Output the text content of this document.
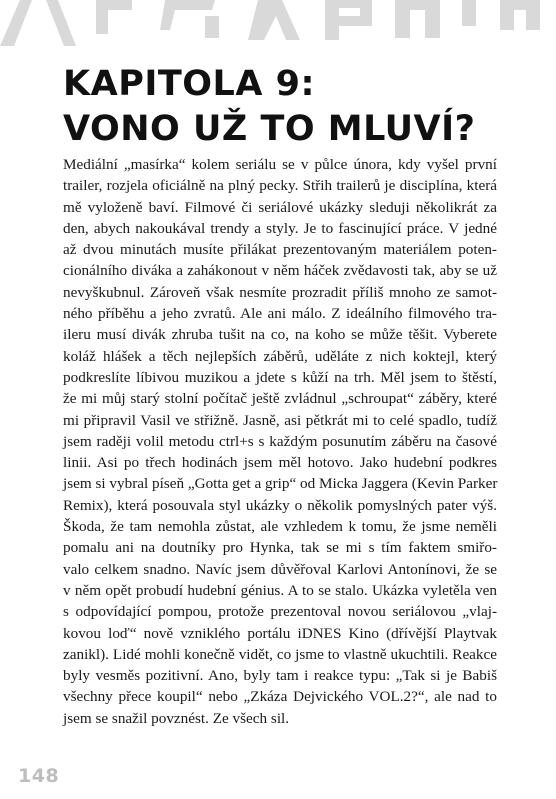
KAPITOLA 9:
VONO UŽ TO MLUVÍ?
Mediální „masírka“ kolem seriálu se v půlce února, kdy vyšel první
trailer, rozjela oficiálně na plný pecky. Střih trailerů je disciplína, která
mě vyloženě baví. Filmové či seriálové ukázky sleduji několikrát za
den, abych nakoukával trendy a styly. Je to fascinující práce. V jedné
až dvou minutách musíte přilákat prezentovaným materiálem poten-
cionálního diváka a zahákonout v něm háček zvědavosti tak, aby se už
nevyškubnul. Zároveň však nesmíte prozradit příliš mnoho ze samot-
ného příběhu a jeho zvratů. Ale ani málo. Z ideálního filmového tra-
ileru musí divák zhruba tušit na co, na koho se může těšit. Vyberete
koláž hlášek a těch nejlepších záběrů, uděláte z nich koktejl, který
podkreslíte líbivou muzikou a jdete s kůží na trh. Měl jsem to štěstí,
že mi můj starý stolní počítač ještě zvládnul „schroupat“ záběry, které
mi připravil Vasil ve střižně. Jasně, asi pětkrát mi to celé spadlo, tudíž
jsem raději volil metodu ctrl+s s každým posunutím záběru na časové
linii. Asi po třech hodinách jsem měl hotovo. Jako hudební podkres
jsem si vybral píseň „Gotta get a grip“ od Micka Jaggera (Kevin Parker
Remix), která posouvala styl ukázky o několik pomyslných pater výš.
Škoda, že tam nemohla zůstat, ale vzhledem k tomu, že jsme neměli
pomalu ani na doutníky pro Hynka, tak se mi s tím faktem smiřo-
valo celkem snadno. Navíc jsem důvěřoval Karlovi Antonínovi, že se
v něm opět probudí hudební génius. A to se stalo. Ukázka vyletěla ven
s odpovídající pompou, protože prezentoval novou seriálovou „vlaj-
kovou loď“ nově vzniklého portálu iDNES Kino (dřívější Playtvak
zanikl). Lidé mohli konečně vidět, co jsme to vlastně ukuchtili. Reakce
byly vesměs pozitivní. Ano, byly tam i reakce typu: „Tak si je Babiš
všechny přece koupil“ nebo „Zkáza Dejvického VOL.2?“, ale nad to
jsem se snažil povznést. Ze všech sil.
148
